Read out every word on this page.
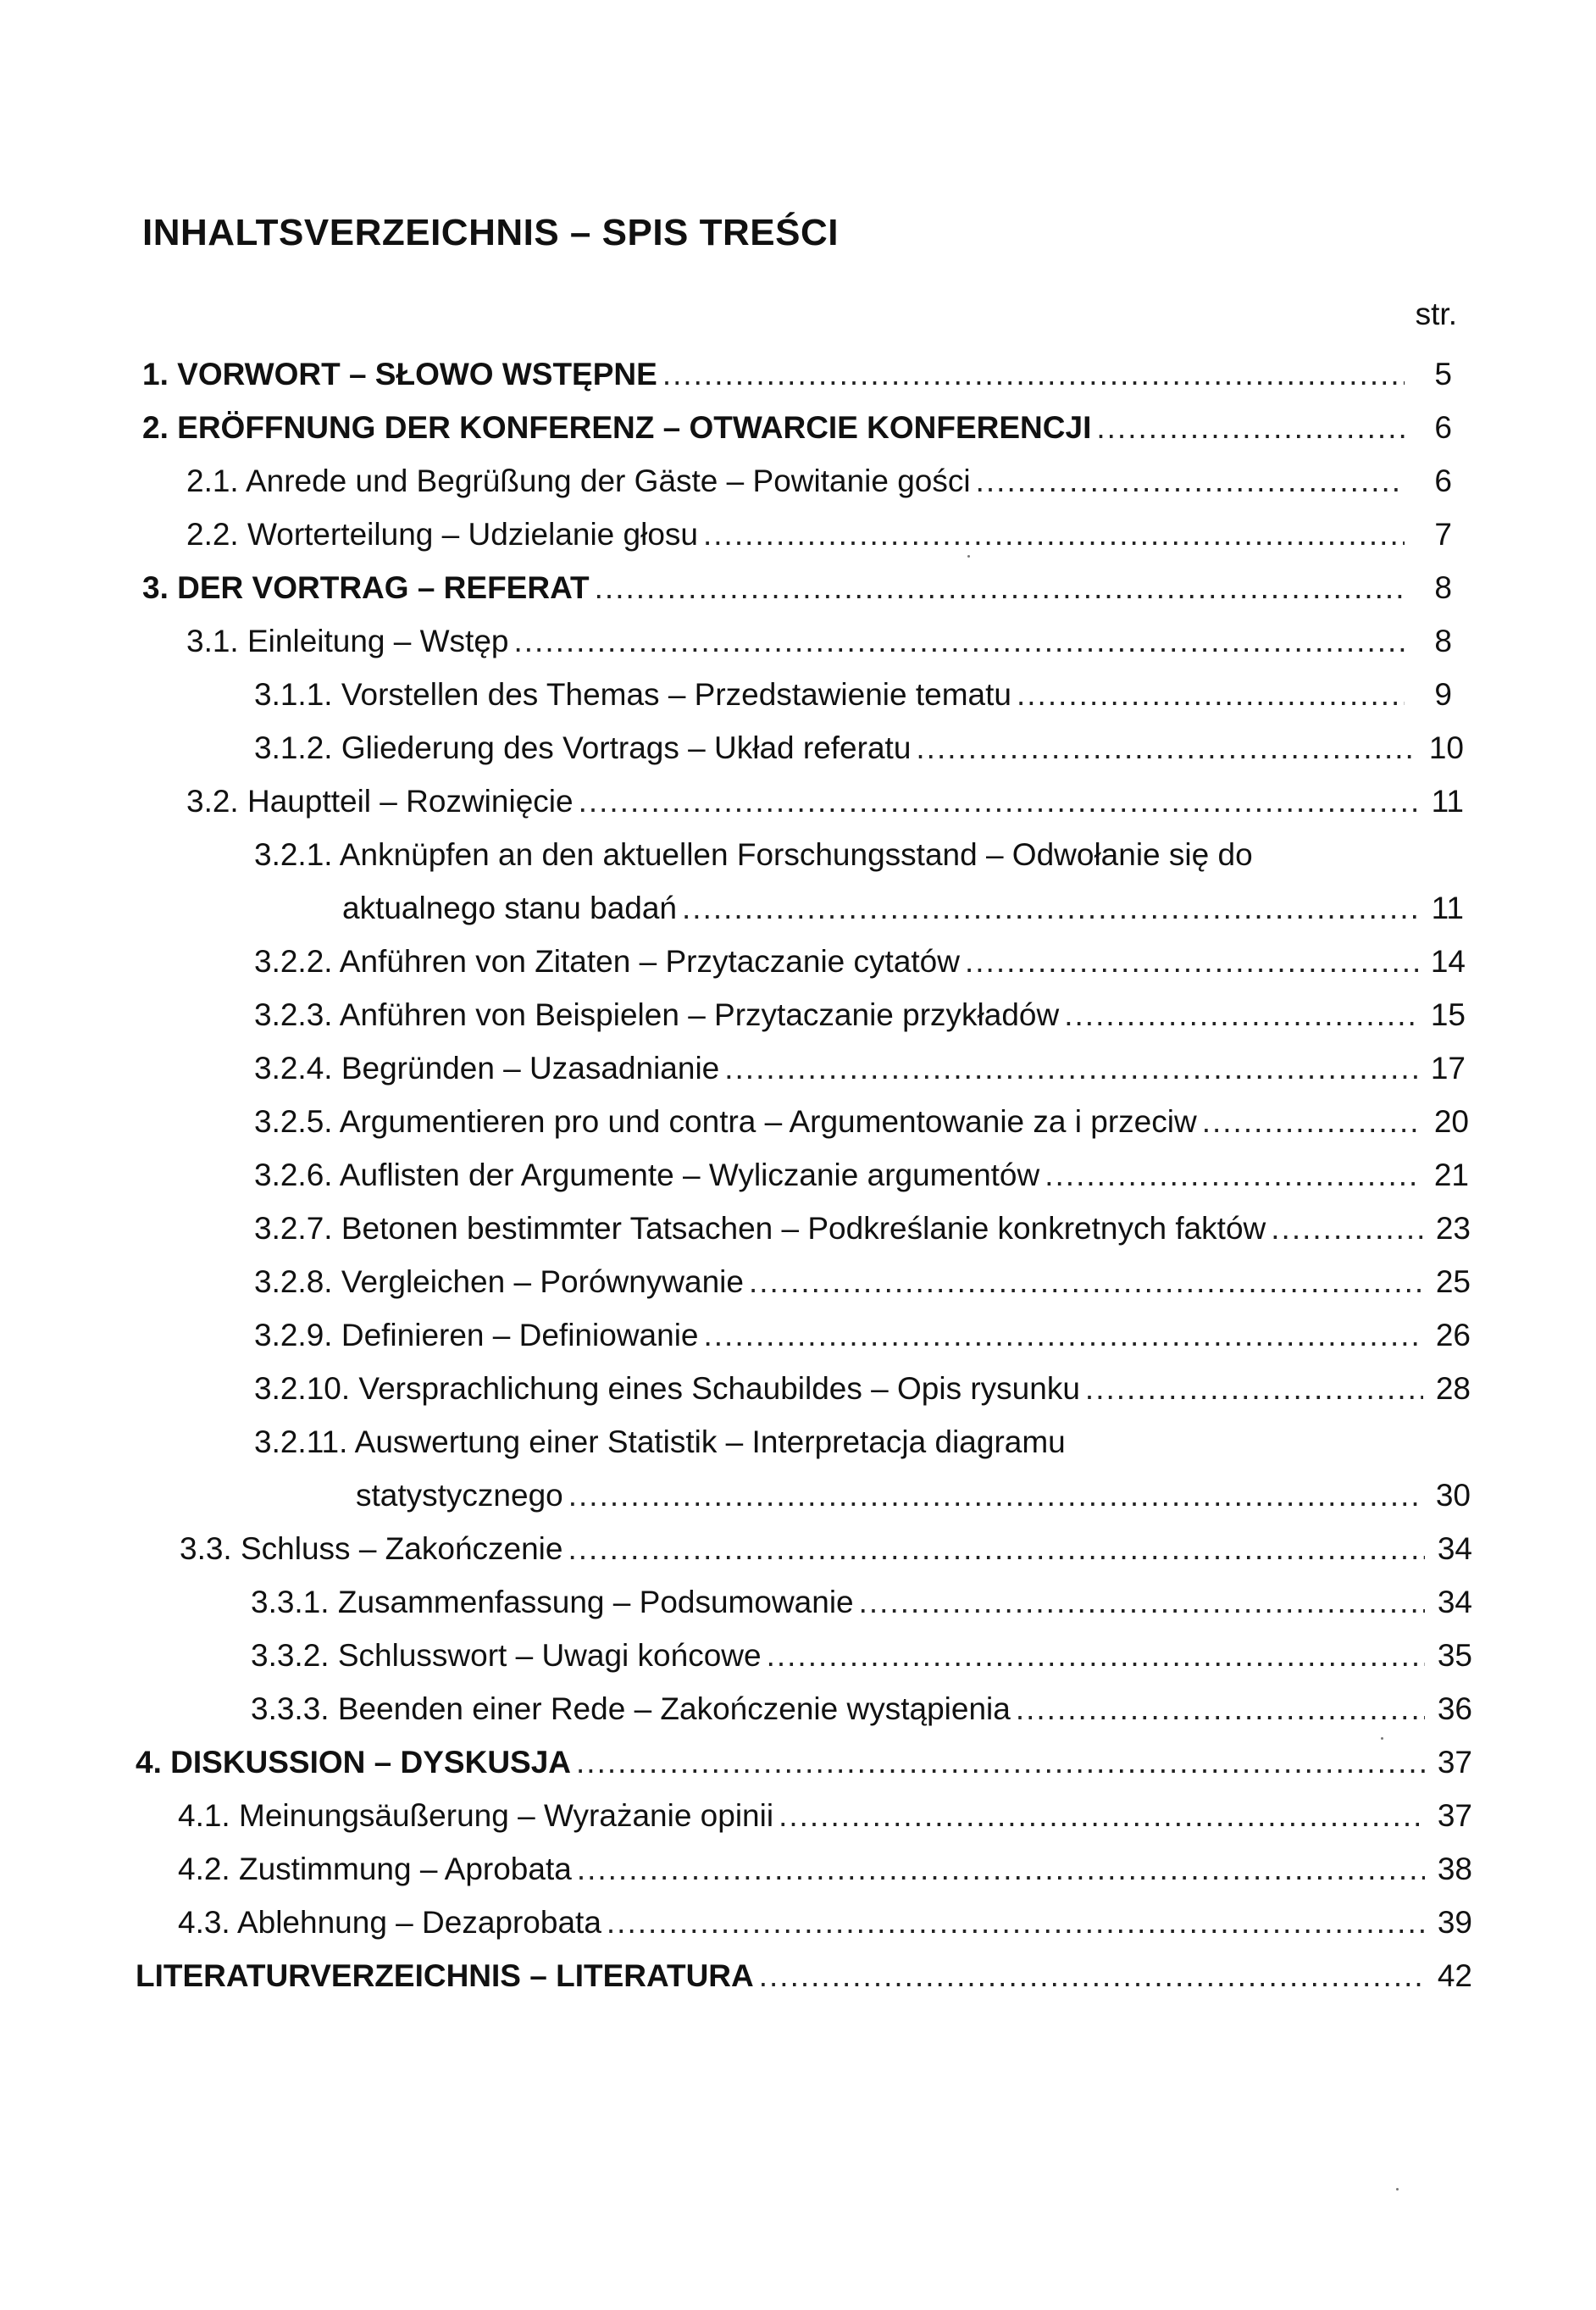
INHALTSVERZEICHNIS – SPIS TREŚCI
str.
1. VORWORT – SŁOWO WSTĘPNE .....	5
2. ERÖFFNUNG DER KONFERENZ – OTWARCIE KONFERENCJI .....	6
2.1. Anrede und Begrüßung der Gäste – Powitanie gości .....	6
2.2. Worterteilung – Udzielanie głosu .....	7
3. DER VORTRAG – REFERAT .....	8
3.1. Einleitung – Wstęp .....	8
3.1.1. Vorstellen des Themas – Przedstawienie tematu .....	9
3.1.2. Gliederung des Vortrags – Układ referatu .....	10
3.2. Hauptteil – Rozwinięcie .....	11
3.2.1. Anknüpfen an den aktuellen Forschungsstand – Odwołanie się do
aktualnego stanu badań .....	11
3.2.2. Anführen von Zitaten – Przytaczanie cytatów .....	14
3.2.3. Anführen von Beispielen – Przytaczanie przykładów .....	15
3.2.4. Begründen – Uzasadnianie .....	17
3.2.5. Argumentieren pro und contra – Argumentowanie za i przeciw .....	20
3.2.6. Auflisten der Argumente – Wyliczanie argumentów .....	21
3.2.7. Betonen bestimmter Tatsachen – Podkreślanie konkretnych faktów .....	23
3.2.8. Vergleichen – Porównywanie .....	25
3.2.9. Definieren – Definiowanie .....	26
3.2.10. Versprachlichung eines Schaubildes – Opis rysunku .....	28
3.2.11. Auswertung einer Statistik – Interpretacja diagramu
statystycznego .....	30
3.3. Schluss – Zakończenie .....	34
3.3.1. Zusammenfassung – Podsumowanie .....	34
3.3.2. Schlusswort – Uwagi końcowe .....	35
3.3.3. Beenden einer Rede – Zakończenie wystąpienia .....	36
4. DISKUSSION – DYSKUSJA .....	37
4.1. Meinungsäußerung – Wyrażanie opinii .....	37
4.2. Zustimmung – Aprobata .....	38
4.3. Ablehnung – Dezaprobata .....	39
LITERATURVERZEICHNIS – LITERATURA .....	42
